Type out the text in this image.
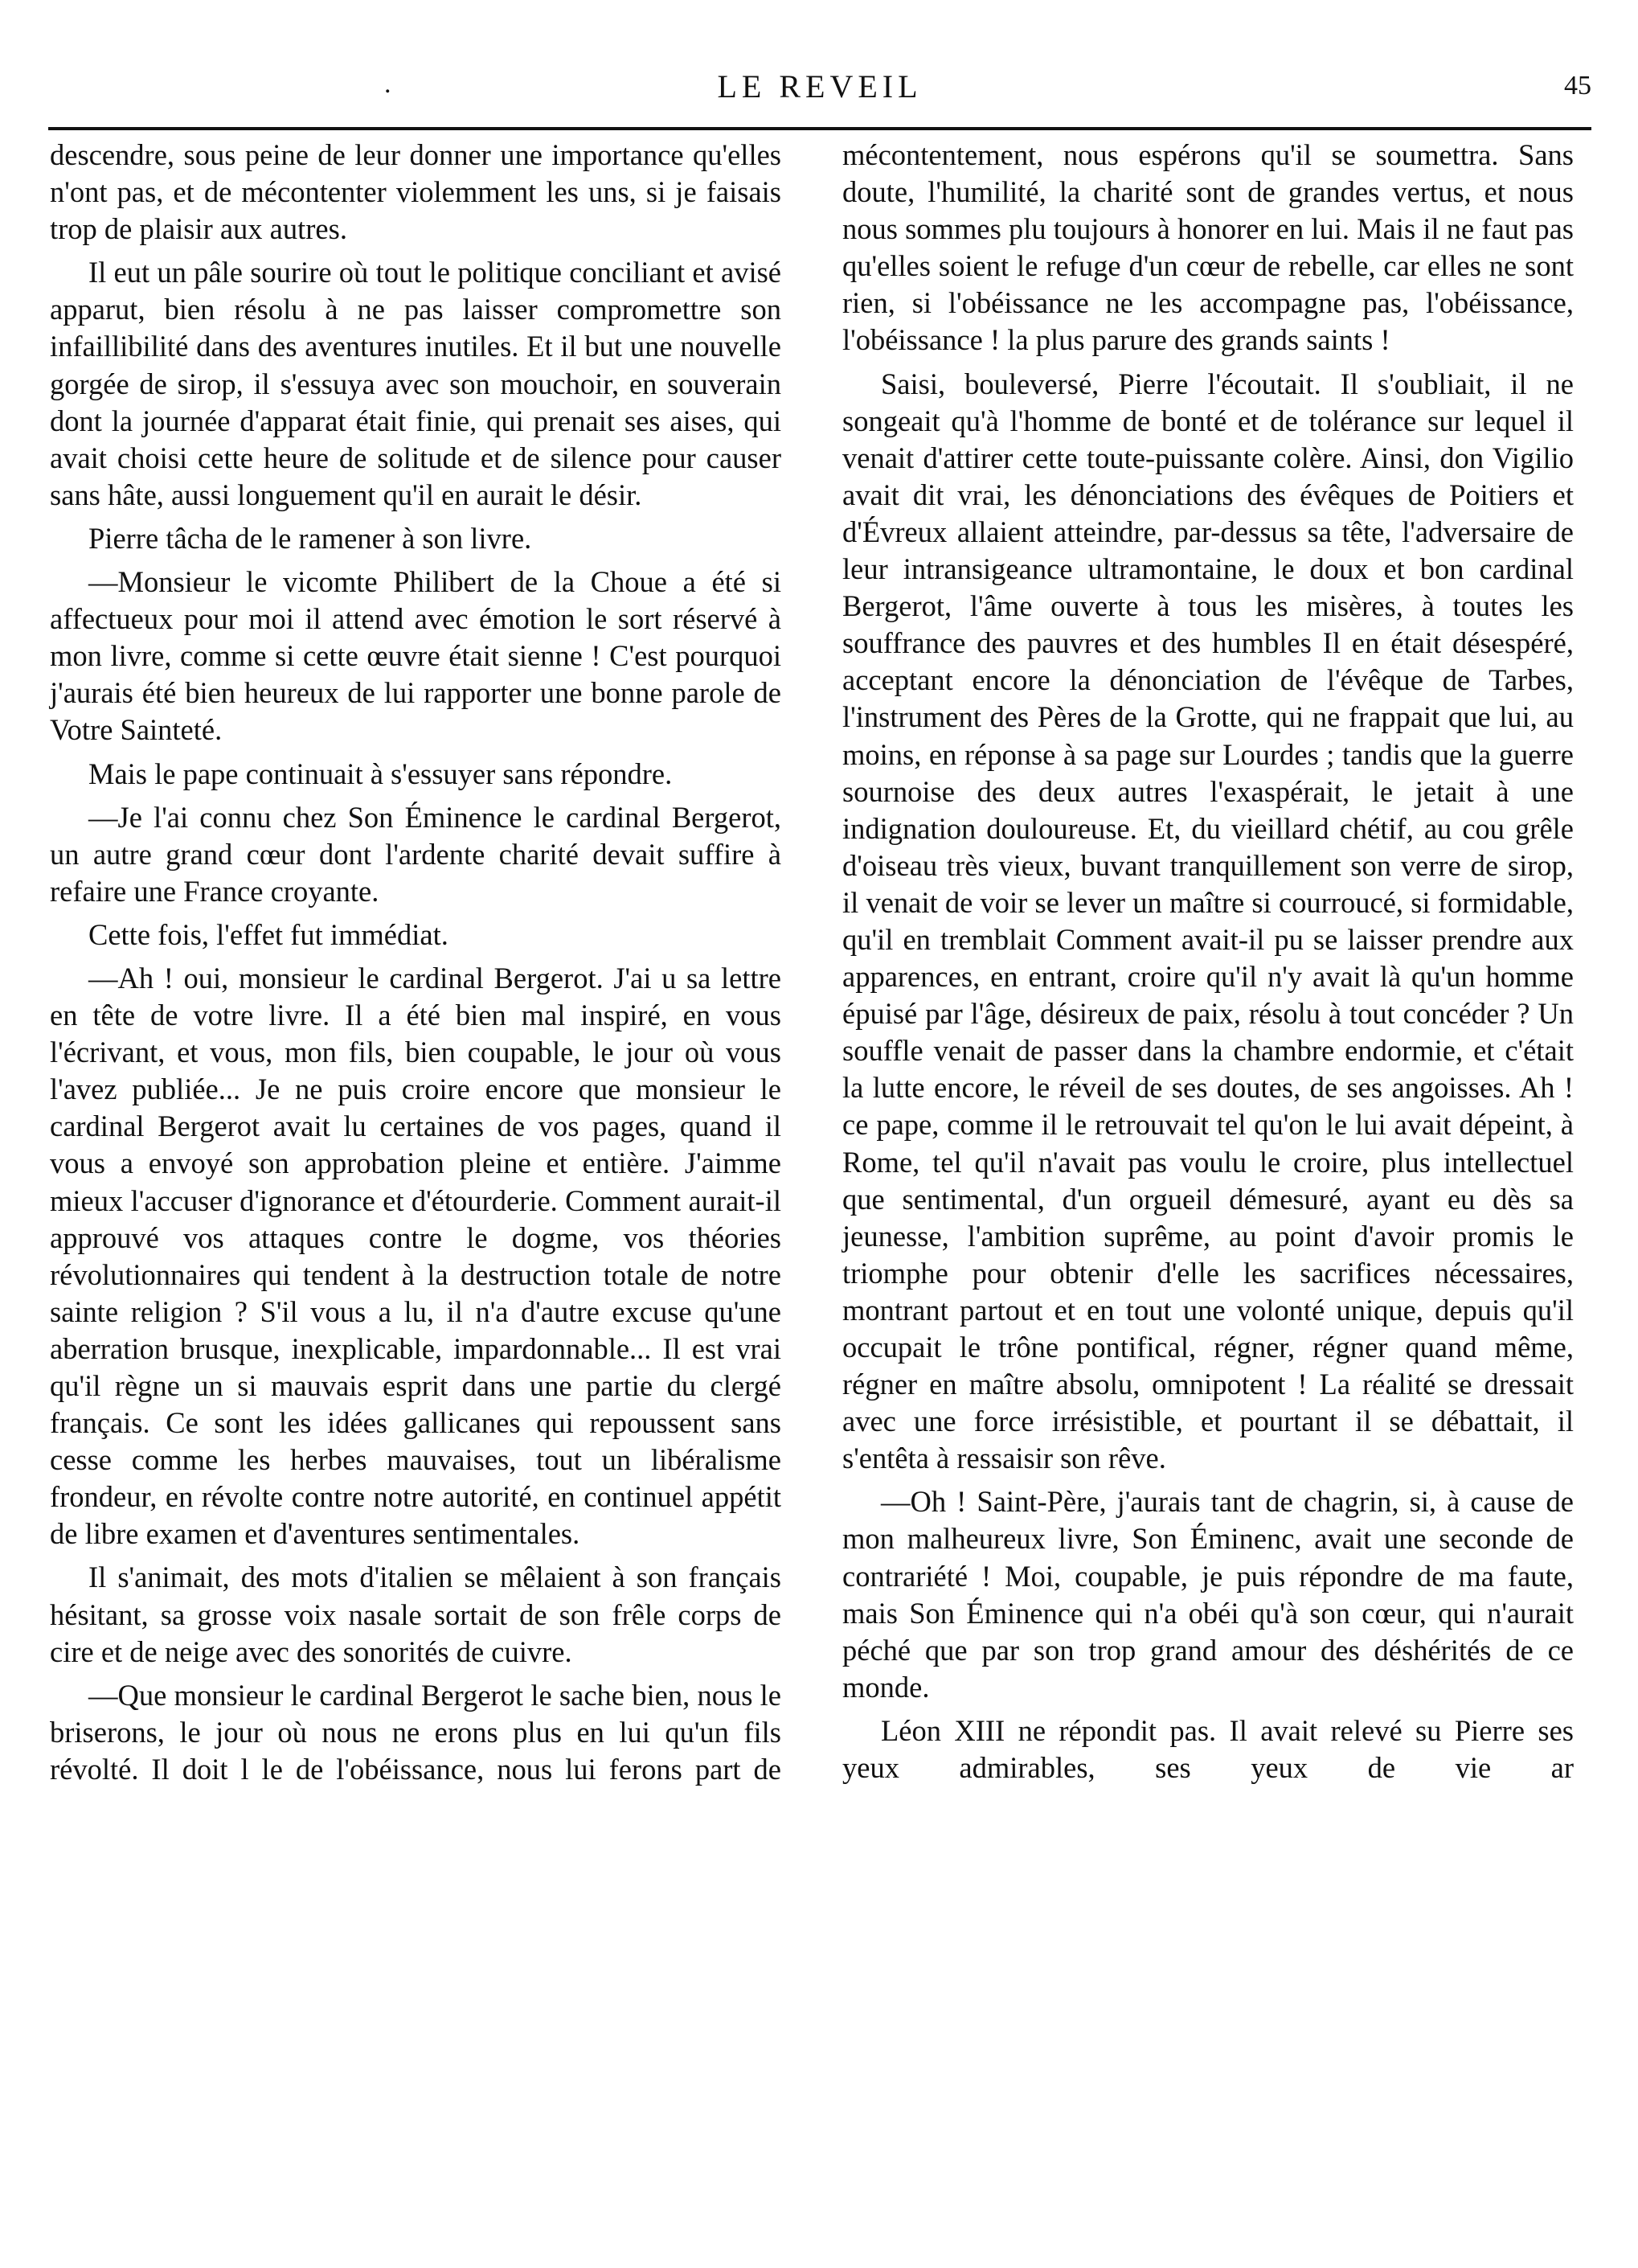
.	LE REVEIL	45

descendre, sous peine de leur donner une importance qu'elles n'ont pas, et de mécontenter violemment les uns, si je faisais trop de plaisir aux autres.

Il eut un pâle sourire où tout le politique conciliant et avisé apparut, bien résolu à ne pas laisser compromettre son infaillibilité dans des aventures inutiles. Et il but une nouvelle gorgée de sirop, il s'essuya avec son mouchoir, en souverain dont la journée d'apparat était finie, qui prenait ses aises, qui avait choisi cette heure de solitude et de silence pour causer sans hâte, aussi longuement qu'il en aurait le désir.

Pierre tâcha de le ramener à son livre.

—Monsieur le vicomte Philibert de la Choue a été si affectueux pour moi il attend avec émotion le sort réservé à mon livre, comme si cette œuvre était sienne ! C'est pourquoi j'aurais été bien heureux de lui rapporter une bonne parole de Votre Sainteté.

Mais le pape continuait à s'essuyer sans répondre.

—Je l'ai connu chez Son Éminence le cardinal Bergerot, un autre grand cœur dont l'ardente charité devait suffire à refaire une France croyante.

Cette fois, l'effet fut immédiat.

—Ah ! oui, monsieur le cardinal Bergerot. J'ai u sa lettre en tête de votre livre. Il a été bien mal inspiré, en vous l'écrivant, et vous, mon fils, bien coupable, le jour où vous l'avez publiée... Je ne puis croire encore que monsieur le cardinal Bergerot avait lu certaines de vos pages, quand il vous a envoyé son approbation pleine et entière. J'aimme mieux l'accuser d'ignorance et d'étourderie. Comment aurait-il approuvé vos attaques contre le dogme, vos théories révolutionnaires qui tendent à la destruction totale de notre sainte religion ? S'il vous a lu, il n'a d'autre excuse qu'une aberration brusque, inexplicable, impardonnable... Il est vrai qu'il règne un si mauvais esprit dans une partie du clergé français. Ce sont les idées gallicanes qui repoussent sans cesse comme les herbes mauvaises, tout un libéralisme frondeur, en révolte contre notre autorité, en continuel appétit de libre examen et d'aventures sentimentales.

Il s'animait, des mots d'italien se mêlaient à son français hésitant, sa grosse voix nasale sortait de son frêle corps de cire et de neige avec des sonorités de cuivre.

—Que monsieur le cardinal Bergerot le sache bien, nous le briserons, le jour où nous ne erons plus en lui qu'un fils révolté. Il doit l le de l'obéissance, nous lui ferons part de

mécontentement, nous espérons qu'il se soumettra. Sans doute, l'humilité, la charité sont de grandes vertus, et nous nous sommes plu toujours à honorer en lui. Mais il ne faut pas qu'elles soient le refuge d'un cœur de rebelle, car elles ne sont rien, si l'obéissance ne les accompagne pas, l'obéissance, l'obéissance ! la plus parure des grands saints !

Saisi, bouleversé, Pierre l'écoutait. Il s'oubliait, il ne songeait qu'à l'homme de bonté et de tolérance sur lequel il venait d'attirer cette toute-puissante colère. Ainsi, don Vigilio avait dit vrai, les dénonciations des évêques de Poitiers et d'Évreux allaient atteindre, par-dessus sa tête, l'adversaire de leur intransigeance ultramontaine, le doux et bon cardinal Bergerot, l'âme ouverte à tous les misères, à toutes les souffrance des pauvres et des humbles Il en était désespéré, acceptant encore la dénonciation de l'évêque de Tarbes, l'instrument des Pères de la Grotte, qui ne frappait que lui, au moins, en réponse à sa page sur Lourdes ; tandis que la guerre sournoise des deux autres l'exaspérait, le jetait à une indignation douloureuse. Et, du vieillard chétif, au cou grêle d'oiseau très vieux, buvant tranquillement son verre de sirop, il venait de voir se lever un maître si courroucé, si formidable, qu'il en tremblait Comment avait-il pu se laisser prendre aux apparences, en entrant, croire qu'il n'y avait là qu'un homme épuisé par l'âge, désireux de paix, résolu à tout concéder ? Un souffle venait de passer dans la chambre endormie, et c'était la lutte encore, le réveil de ses doutes, de ses angoisses. Ah ! ce pape, comme il le retrouvait tel qu'on le lui avait dépeint, à Rome, tel qu'il n'avait pas voulu le croire, plus intellectuel que sentimental, d'un orgueil démesuré, ayant eu dès sa jeunesse, l'ambition suprême, au point d'avoir promis le triomphe pour obtenir d'elle les sacrifices nécessaires, montrant partout et en tout une volonté unique, depuis qu'il occupait le trône pontifical, régner, régner quand même, régner en maître absolu, omnipotent ! La réalité se dressait avec une force irrésistible, et pourtant il se débattait, il s'entêta à ressaisir son rêve.

—Oh ! Saint-Père, j'aurais tant de chagrin, si, à cause de mon malheureux livre, Son Éminenc, avait une seconde de contrariété ! Moi, coupable, je puis répondre de ma faute, mais Son Éminence qui n'a obéi qu'à son cœur, qui n'aurait péché que par son trop grand amour des déshérités de ce monde.

Léon XIII ne répondit pas. Il avait relevé su Pierre ses yeux admirables, ses yeux de vie ar
